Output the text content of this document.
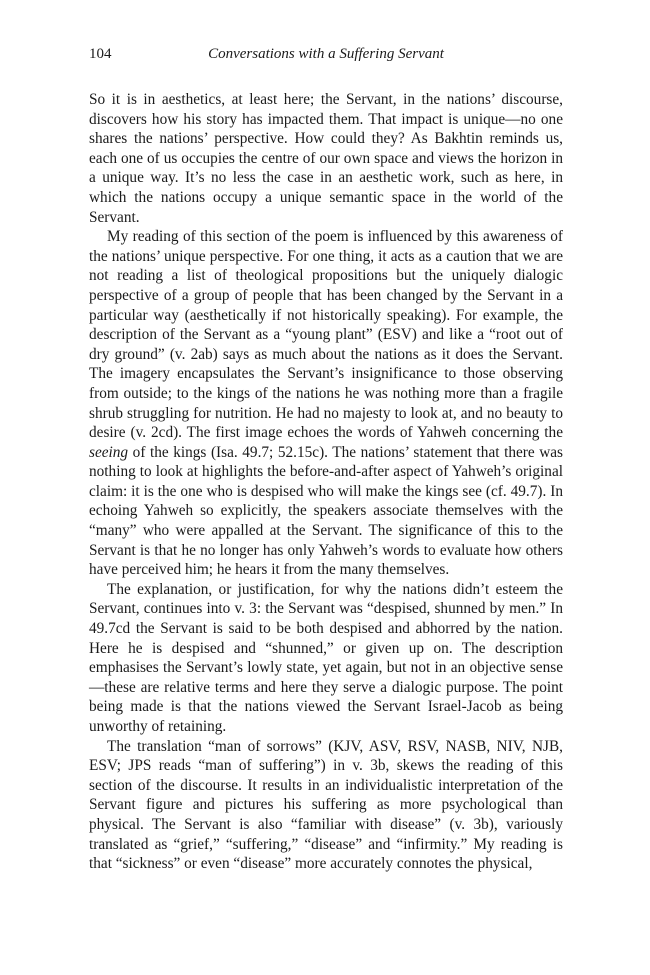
104	Conversations with a Suffering Servant

So it is in aesthetics, at least here; the Servant, in the nations’ discourse, discovers how his story has impacted them. That impact is unique—no one shares the nations’ perspective. How could they? As Bakhtin reminds us, each one of us occupies the centre of our own space and views the horizon in a unique way. It’s no less the case in an aesthetic work, such as here, in which the nations occupy a unique semantic space in the world of the Servant.

My reading of this section of the poem is influenced by this awareness of the nations’ unique perspective. For one thing, it acts as a caution that we are not reading a list of theological propositions but the uniquely dialogic perspective of a group of people that has been changed by the Servant in a particular way (aesthetically if not historically speaking). For example, the description of the Servant as a “young plant” (ESV) and like a “root out of dry ground” (v. 2ab) says as much about the nations as it does the Servant. The imagery encapsulates the Servant’s insignificance to those observing from outside; to the kings of the nations he was nothing more than a fragile shrub struggling for nutrition. He had no majesty to look at, and no beauty to desire (v. 2cd). The first image echoes the words of Yahweh concerning the seeing of the kings (Isa. 49.7; 52.15c). The nations’ statement that there was nothing to look at highlights the before-and-after aspect of Yahweh’s original claim: it is the one who is despised who will make the kings see (cf. 49.7). In echoing Yahweh so explicitly, the speakers associate themselves with the “many” who were appalled at the Servant. The significance of this to the Servant is that he no longer has only Yahweh’s words to evaluate how others have perceived him; he hears it from the many themselves.

The explanation, or justification, for why the nations didn’t esteem the Servant, continues into v. 3: the Servant was “despised, shunned by men.” In 49.7cd the Servant is said to be both despised and abhorred by the nation. Here he is despised and “shunned,” or given up on. The description emphasises the Servant’s lowly state, yet again, but not in an objective sense—these are relative terms and here they serve a dialogic purpose. The point being made is that the nations viewed the Servant Israel-Jacob as being unworthy of retaining.

The translation “man of sorrows” (KJV, ASV, RSV, NASB, NIV, NJB, ESV; JPS reads “man of suffering”) in v. 3b, skews the reading of this section of the discourse. It results in an individualistic interpretation of the Servant figure and pictures his suffering as more psychological than physical. The Servant is also “familiar with disease” (v. 3b), variously translated as “grief,” “suffering,” “disease” and “infirmity.” My reading is that “sickness” or even “disease” more accurately connotes the physical,
